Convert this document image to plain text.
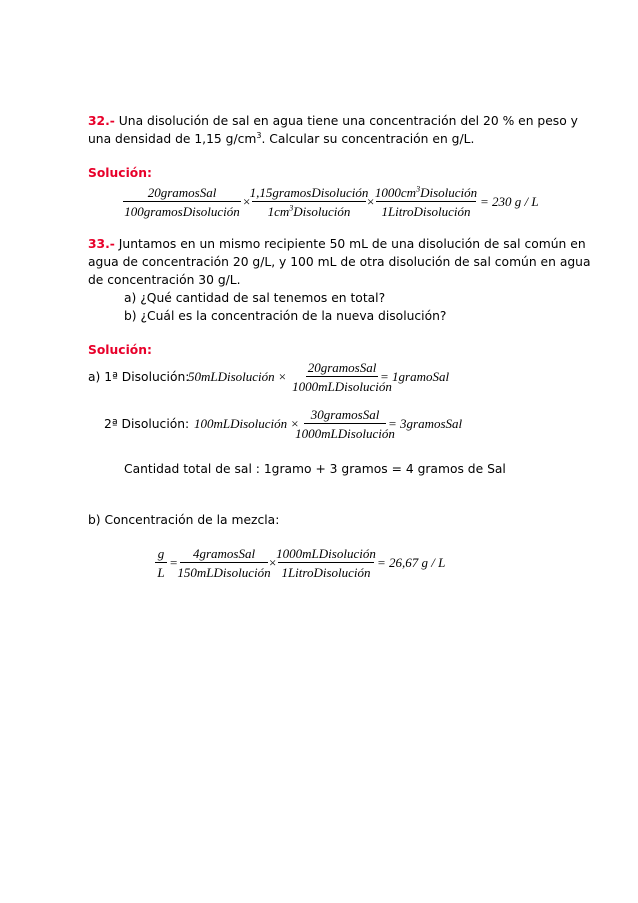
32.- Una disolución de sal en agua tiene una concentración del 20 % en peso y
una densidad de 1,15 $g/cm^3$. Calcular su concentración en g/L.
Solución:
20gramosSal
100gramosDisolución
×
1,15gramosDisolución
$1cm^3Disolución$
×
$1000cm^3Disolución$
1LitroDisolución
= 230 g / L
33.- Juntamos en un mismo recipiente 50 mL de una disolución de sal común en
agua de concentración 20 g/L, y 100 mL de otra disolución de sal común en agua
de concentración 30 g/L.
a) ¿Qué cantidad de sal tenemos en total?
b) ¿Cuál es la concentración de la nueva disolución?
Solución:
a) 1ª Disolución:
50mLDisolución ×
20gramosSal
1000mLDisolución
= 1gramoSal
2ª Disolución: 100mLDisolución ×
30gramosSal
1000mLDisolución
= 3gramosSal
Cantidad total de sal : 1gramo + 3 gramos = 4 gramos de Sal
b) Concentración de la mezcla:
g
L
=
4gramosSal
150mLDisolución
×
1000mLDisolución
1LitroDisolución
= 26,67 g / L
